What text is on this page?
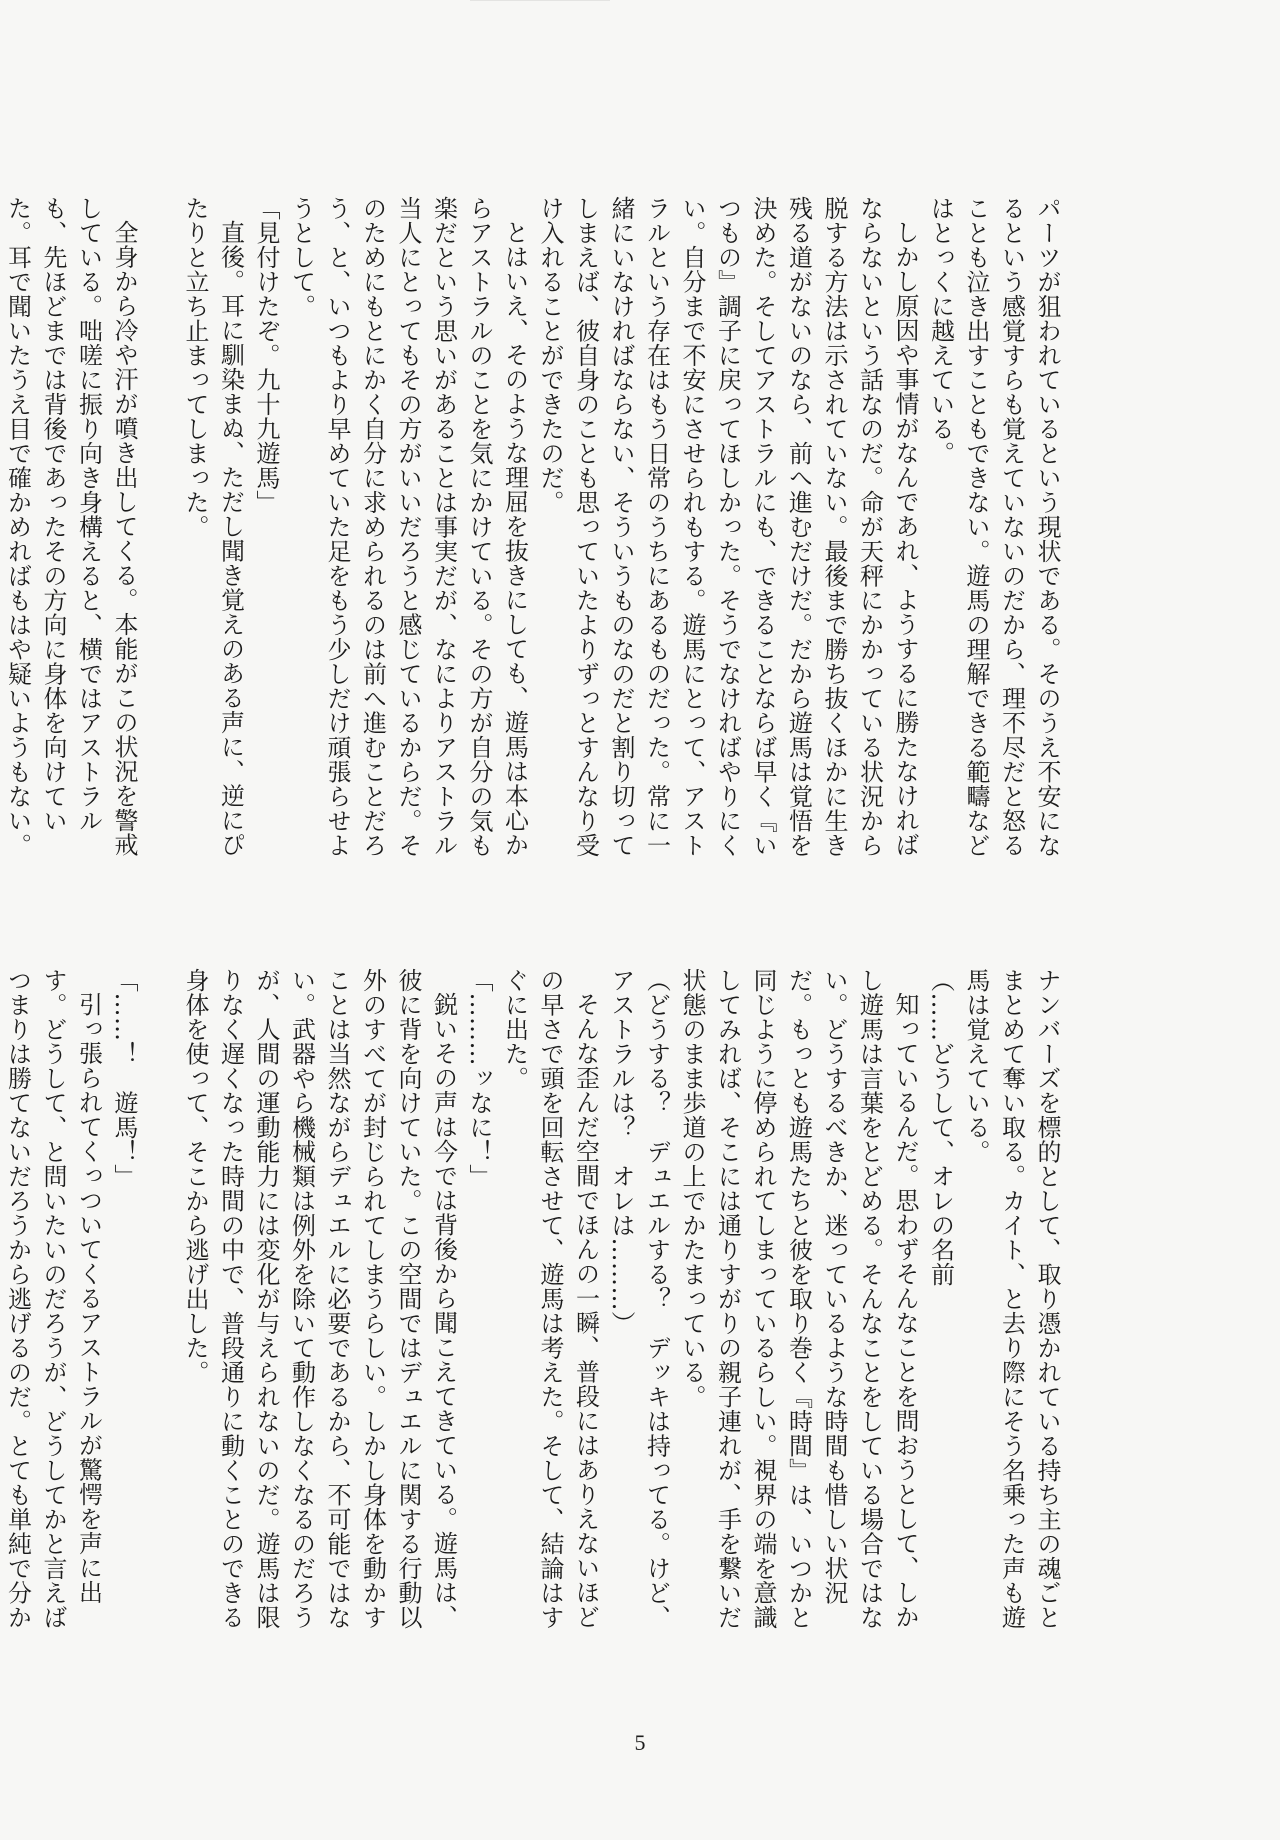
パーツが狙われているという現状である。そのうえ不安になるという感覚すらも覚えていないのだから、理不尽だと怒ることも泣き出すこともできない。遊馬の理解できる範疇などはとっくに越えている。

しかし原因や事情がなんであれ、ようするに勝たなければならないという話なのだ。命が天秤にかかっている状況から脱する方法は示されていない。最後まで勝ち抜くほかに生き残る道がないのなら、前へ進むだけだ。だから遊馬は覚悟を決めた。そしてアストラルにも、できることならば早く『いつもの』調子に戻ってほしかった。そうでなければやりにくい。自分まで不安にさせられもする。遊馬にとって、アストラルという存在はもう日常のうちにあるものだった。常に一緒にいなければならない、そういうものなのだと割り切ってしまえば、彼自身のことも思っていたよりずっとすんなり受け入れることができたのだ。

とはいえ、そのような理屈を抜きにしても、遊馬は本心からアストラルのことを気にかけている。その方が自分の気も楽だという思いがあることは事実だが、なによりアストラル当人にとってもその方がいいだろうと感じているからだ。そのためにもとにかく自分に求められるのは前へ進むことだろう、と、いつもより早めていた足をもう少しだけ頑張らせようとして。

「見付けたぞ。九十九遊馬」

直後。耳に馴染まぬ、ただし聞き覚えのある声に、逆にぴたりと立ち止まってしまった。

全身から冷や汗が噴き出してくる。本能がこの状況を警戒している。咄嗟に振り向き身構えると、横ではアストラルも、先ほどまでは背後であったその方向に身体を向けていた。耳で聞いたうえ目で確かめればもはや疑いようもない。

ナンバーズを標的として、取り憑かれている持ち主の魂ごとまとめて奪い取る。カイト、と去り際にそう名乗った声も遊馬は覚えている。

（……どうして、オレの名前

知っているんだ。思わずそんなことを問おうとして、しかし遊馬は言葉をとどめる。そんなことをしている場合ではない。どうするべきか、迷っているような時間も惜しい状況だ。もっとも遊馬たちと彼を取り巻く『時間』は、いつかと同じように停められてしまっているらしい。視界の端を意識してみれば、そこには通りすがりの親子連れが、手を繋いだ状態のまま歩道の上でかたまっている。

（どうする？　デュエルする？　デッキは持ってる。けど、アストラルは？　オレは………）

そんな歪んだ空間でほんの一瞬、普段にはありえないほどの早さで頭を回転させて、遊馬は考えた。そして、結論はすぐに出た。

「………ッなに！」

鋭いその声は今では背後から聞こえてきている。遊馬は、彼に背を向けていた。この空間ではデュエルに関する行動以外のすべてが封じられてしまうらしい。しかし身体を動かすことは当然ながらデュエルに必要であるから、不可能ではない。武器やら機械類は例外を除いて動作しなくなるのだろうが、人間の運動能力には変化が与えられないのだ。遊馬は限りなく遅くなった時間の中で、普段通りに動くことのできる身体を使って、そこから逃げ出した。

「……！　遊馬！」

引っ張られてくっついてくるアストラルが驚愕を声に出す。どうして、と問いたいのだろうが、どうしてかと言えばつまりは勝てないだろうから逃げるのだ。とても単純で分か

5
